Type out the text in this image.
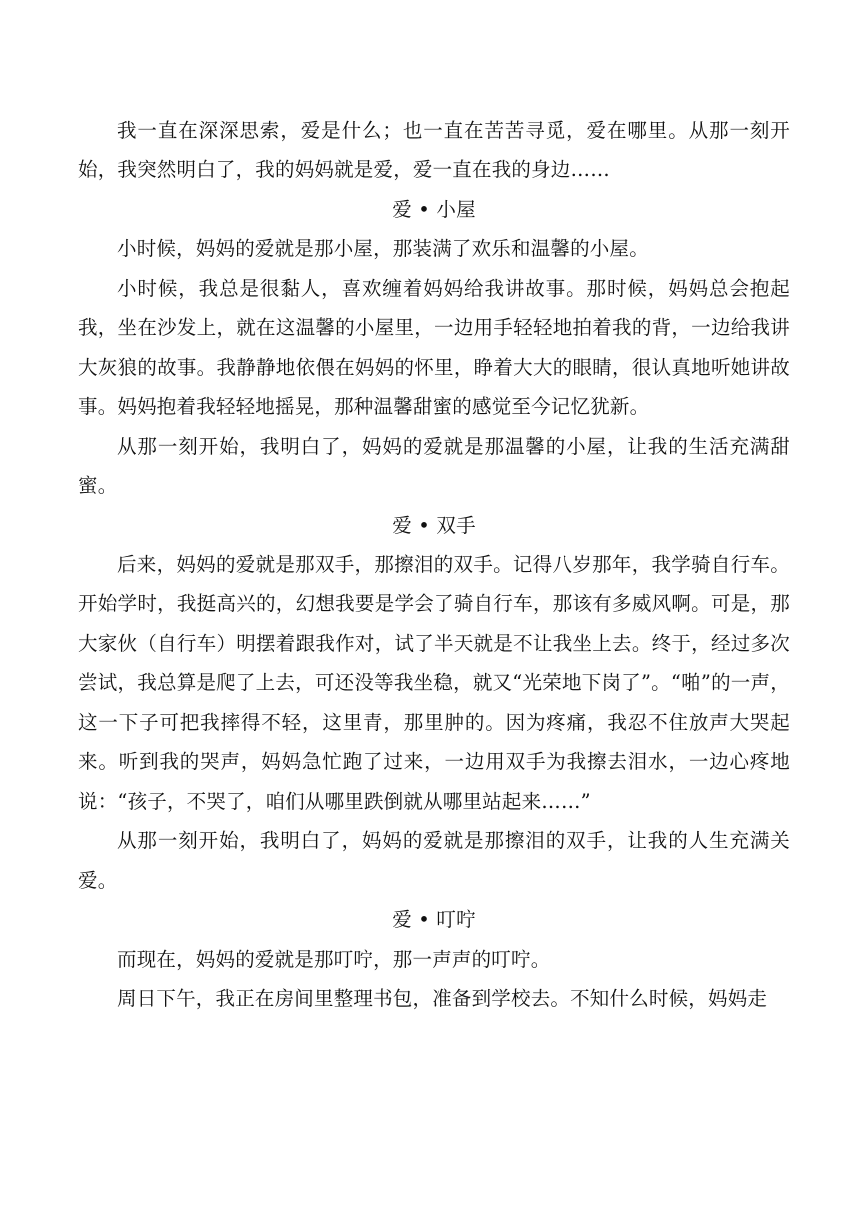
我一直在深深思索，爱是什么；也一直在苦苦寻觅，爱在哪里。从那一刻开始，我突然明白了，我的妈妈就是爱，爱一直在我的身边……

爱 • 小屋

小时候，妈妈的爱就是那小屋，那装满了欢乐和温馨的小屋。

小时候，我总是很黏人，喜欢缠着妈妈给我讲故事。那时候，妈妈总会抱起我，坐在沙发上，就在这温馨的小屋里，一边用手轻轻地拍着我的背，一边给我讲大灰狼的故事。我静静地依偎在妈妈的怀里，睁着大大的眼睛，很认真地听她讲故事。妈妈抱着我轻轻地摇晃，那种温馨甜蜜的感觉至今记忆犹新。

从那一刻开始，我明白了，妈妈的爱就是那温馨的小屋，让我的生活充满甜蜜。

爱 • 双手

后来，妈妈的爱就是那双手，那擦泪的双手。记得八岁那年，我学骑自行车。开始学时，我挺高兴的，幻想我要是学会了骑自行车，那该有多威风啊。可是，那大家伙（自行车）明摆着跟我作对，试了半天就是不让我坐上去。终于，经过多次尝试，我总算是爬了上去，可还没等我坐稳，就又“光荣地下岗了”。“啪”的一声，这一下子可把我摔得不轻，这里青，那里肿的。因为疼痛，我忍不住放声大哭起来。听到我的哭声，妈妈急忙跑了过来，一边用双手为我擦去泪水，一边心疼地说：“孩子，不哭了，咱们从哪里跌倒就从哪里站起来……”

从那一刻开始，我明白了，妈妈的爱就是那擦泪的双手，让我的人生充满关爱。

爱 • 叮咛

而现在，妈妈的爱就是那叮咛，那一声声的叮咛。

周日下午，我正在房间里整理书包，准备到学校去。不知什么时候，妈妈走
